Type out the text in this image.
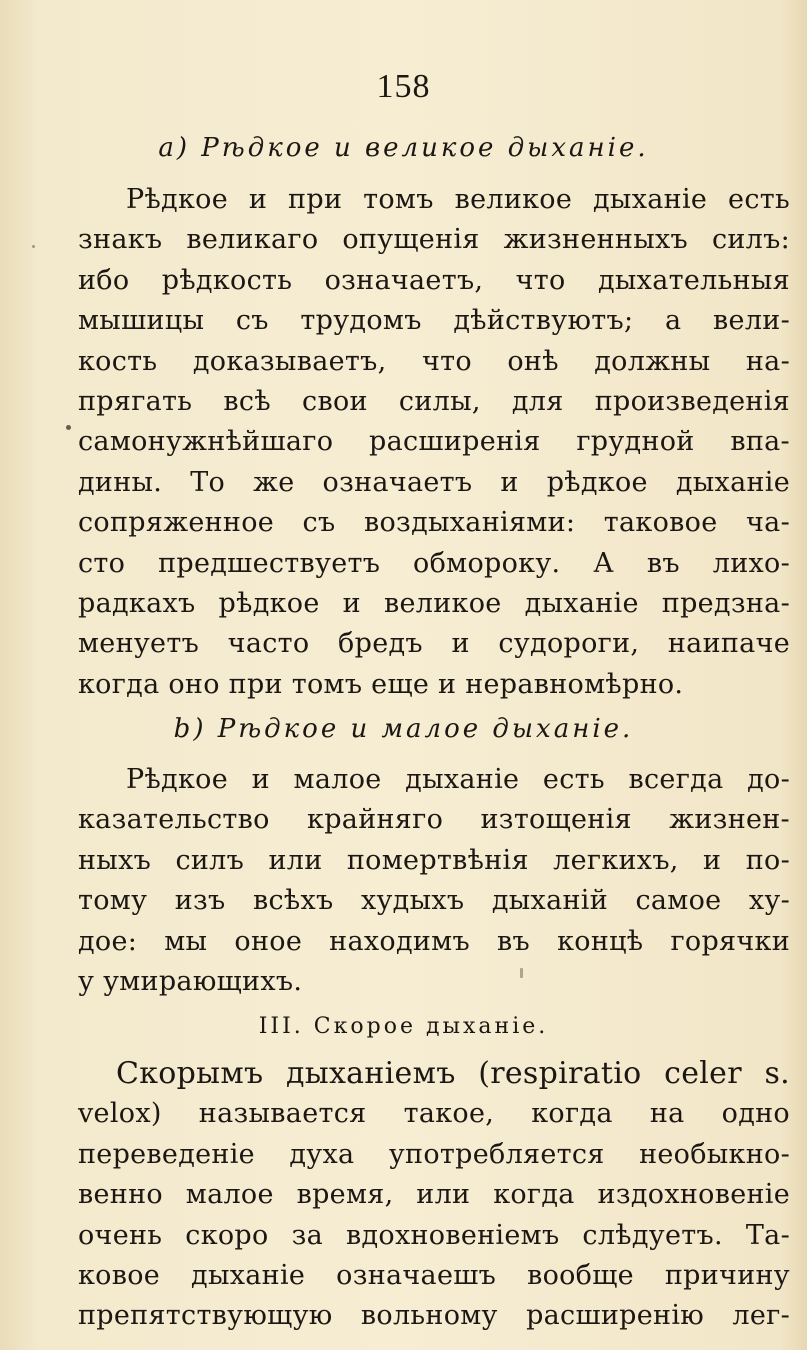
158
a) Рѣдкое и великое дыханіе.

Рѣдкое и при томъ великое дыханіе есть
знакъ великаго опущенія жизненныхъ силъ:
ибо рѣдкость означаетъ, что дыхательныя
мышицы съ трудомъ дѣйствуютъ; а вели-
кость доказываетъ, что онѣ должны на-
прягать всѣ свои силы, для произведенія
самонужнѣйшаго расширенія грудной впа-
дины. То же означаетъ и рѣдкое дыханіе
сопряженное съ воздыханіями: таковое ча-
сто предшествуетъ обмороку. А въ лихо-
радкахъ рѣдкое и великое дыханіе предзна-
менуетъ часто бредъ и судороги, наипаче
когда оно при томъ еще и неравномѣрно.

b) Рѣдкое и малое дыханіе.

Рѣдкое и малое дыханіе есть всегда до-
казательство крайняго изтощенія жизнен-
ныхъ силъ или помертвѣнія легкихъ, и по-
тому изъ всѣхъ худыхъ дыханій самое ху-
дое: мы оное находимъ въ концѣ горячки
у умирающихъ.

III. Скорое дыханіе.

Скорымъ дыханіемъ (respiratio celer s.
velox) называется такое, когда на одно
переведеніе духа употребляется необыкно-
венно малое время, или когда издохновеніе
очень скоро за вдохновеніемъ слѣдуетъ. Та-
ковое дыханіе означаешъ вообще причину
препятствующую вольному расширенію лег-
